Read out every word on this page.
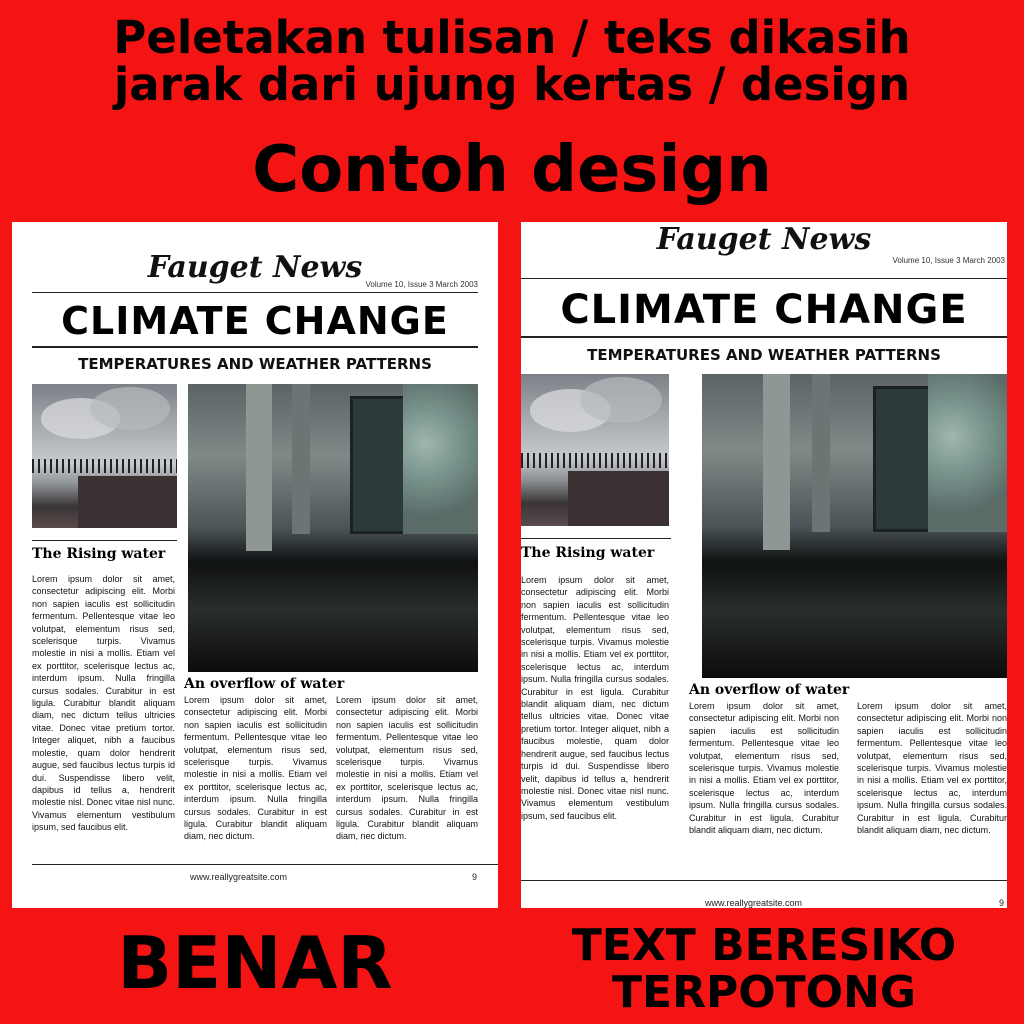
Peletakan tulisan / teks dikasih
jarak dari ujung kertas / design
Contoh design
Fauget News Volume 10, Issue 3 March 2003
CLIMATE CHANGE
TEMPERATURES AND WEATHER PATTERNS
The Rising water
Lorem ipsum dolor sit amet, consectetur adipiscing elit. Morbi non sapien iaculis est sollicitudin fermentum. Pellentesque vitae leo volutpat, elementum risus sed, scelerisque turpis. Vivamus molestie in nisi a mollis. Etiam vel ex porttitor, scelerisque lectus ac, interdum ipsum. Nulla fringilla cursus sodales. Curabitur in est ligula. Curabitur blandit aliquam diam, nec dictum tellus ultricies vitae. Donec vitae pretium tortor. Integer aliquet, nibh a faucibus molestie, quam dolor hendrerit augue, sed faucibus lectus turpis id dui. Suspendisse libero velit, dapibus id tellus a, hendrerit molestie nisl. Donec vitae nisl nunc. Vivamus elementum vestibulum ipsum, sed faucibus elit.
An overflow of water
Lorem ipsum dolor sit amet, consectetur adipiscing elit. Morbi non sapien iaculis est sollicitudin fermentum. Pellentesque vitae leo volutpat, elementum risus sed, scelerisque turpis. Vivamus molestie in nisi a mollis. Etiam vel ex porttitor, scelerisque lectus ac, interdum ipsum. Nulla fringilla cursus sodales. Curabitur in est ligula. Curabitur blandit aliquam diam, nec dictum.
Lorem ipsum dolor sit amet, consectetur adipiscing elit. Morbi non sapien iaculis est sollicitudin fermentum. Pellentesque vitae leo volutpat, elementum risus sed, scelerisque turpis. Vivamus molestie in nisi a mollis. Etiam vel ex porttitor, scelerisque lectus ac, interdum ipsum. Nulla fringilla cursus sodales. Curabitur in est ligula. Curabitur blandit aliquam diam, nec dictum.
www.reallygreatsite.com	9
Fauget News
Volume 10, Issue 3 March 2003
CLIMATE CHANGE
TEMPERATURES AND WEATHER PATTERNS
The Rising water
Lorem ipsum dolor sit amet, consectetur adipiscing elit. Morbi non sapien iaculis est sollicitudin fermentum. Pellentesque vitae leo volutpat, elementum risus sed, scelerisque turpis. Vivamus molestie in nisi a mollis. Etiam vel ex porttitor, scelerisque lectus ac, interdum ipsum. Nulla fringilla cursus sodales. Curabitur in est ligula. Curabitur blandit aliquam diam, nec dictum tellus ultricies vitae. Donec vitae pretium tortor. Integer aliquet, nibh a faucibus molestie, quam dolor hendrerit augue, sed faucibus lectus turpis id dui. Suspendisse libero velit, dapibus id tellus a, hendrerit molestie nisl. Donec vitae nisl nunc. Vivamus elementum vestibulum ipsum, sed faucibus elit.
An overflow of water
Lorem ipsum dolor sit amet, consectetur adipiscing elit. Morbi non sapien iaculis est sollicitudin fermentum. Pellentesque vitae leo volutpat, elementum risus sed, scelerisque turpis. Vivamus molestie in nisi a mollis. Etiam vel ex porttitor, scelerisque lectus ac, interdum ipsum. Nulla fringilla cursus sodales. Curabitur in est ligula. Curabitur blandit aliquam diam, nec dictum.
Lorem ipsum dolor sit amet, consectetur adipiscing elit. Morbi non sapien iaculis est sollicitudin fermentum. Pellentesque vitae leo volutpat, elementum risus sed, scelerisque turpis. Vivamus molestie in nisi a mollis. Etiam vel ex porttitor, scelerisque lectus ac, interdum ipsum. Nulla fringilla cursus sodales. Curabitur in est ligula. Curabitur blandit aliquam diam, nec dictum.
www.reallygreatsite.com	9
BENAR	TEXT BERESIKO
TERPOTONG
